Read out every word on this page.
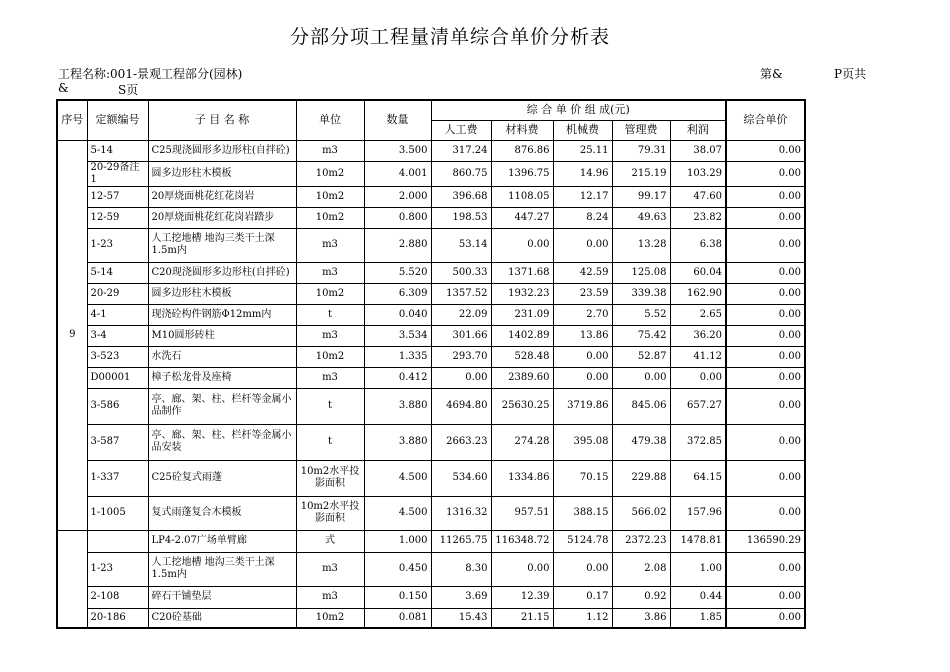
分部分项工程量清单综合单价分析表
工程名称:001-景观工程部分(园林)	第&	P页共
&	S页
序号	定额编号	子 目 名 称	单位	数量	综 合 单 价 组 成(元)					综合单价
					人工费	材料费	机械费	管理费	利润	
9	5-14	C25现浇圆形多边形柱(自拌砼)	m3	3.500	317.24	876.86	25.11	79.31	38.07	0.00
	20-29备注1	圆多边形柱木模板	10m2	4.001	860.75	1396.75	14.96	215.19	103.29	0.00
	12-57	20厚烧面桃花红花岗岩	10m2	2.000	396.68	1108.05	12.17	99.17	47.60	0.00
	12-59	20厚烧面桃花红花岗岩踏步	10m2	0.800	198.53	447.27	8.24	49.63	23.82	0.00
	1-23	人工挖地槽 地沟三类干土深1.5m内	m3	2.880	53.14	0.00	0.00	13.28	6.38	0.00
	5-14	C20现浇圆形多边形柱(自拌砼)	m3	5.520	500.33	1371.68	42.59	125.08	60.04	0.00
	20-29	圆多边形柱木模板	10m2	6.309	1357.52	1932.23	23.59	339.38	162.90	0.00
	4-1	现浇砼构件钢筋Φ12mm内	t	0.040	22.09	231.09	2.70	5.52	2.65	0.00
	3-4	M10圆形砖柱	m3	3.534	301.66	1402.89	13.86	75.42	36.20	0.00
	3-523	水洗石	10m2	1.335	293.70	528.48	0.00	52.87	41.12	0.00
	D00001	樟子松龙骨及座椅	m3	0.412	0.00	2389.60	0.00	0.00	0.00	0.00
	3-586	亭、廊、架、柱、栏杆等金属小品制作	t	3.880	4694.80	25630.25	3719.86	845.06	657.27	0.00
	3-587	亭、廊、架、柱、栏杆等金属小品安装	t	3.880	2663.23	274.28	395.08	479.38	372.85	0.00
	1-337	C25砼复式雨蓬	10m2水平投影面积	4.500	534.60	1334.86	70.15	229.88	64.15	0.00
	1-1005	复式雨蓬复合木模板	10m2水平投影面积	4.500	1316.32	957.51	388.15	566.02	157.96	0.00
		LP4-2.07广场单臂廊	式	1.000	11265.75	116348.72	5124.78	2372.23	1478.81	136590.29
	1-23	人工挖地槽 地沟三类干土深1.5m内	m3	0.450	8.30	0.00	0.00	2.08	1.00	0.00
	2-108	碎石干铺垫层	m3	0.150	3.69	12.39	0.17	0.92	0.44	0.00
	20-186	C20砼基础	10m2	0.081	15.43	21.15	1.12	3.86	1.85	0.00
